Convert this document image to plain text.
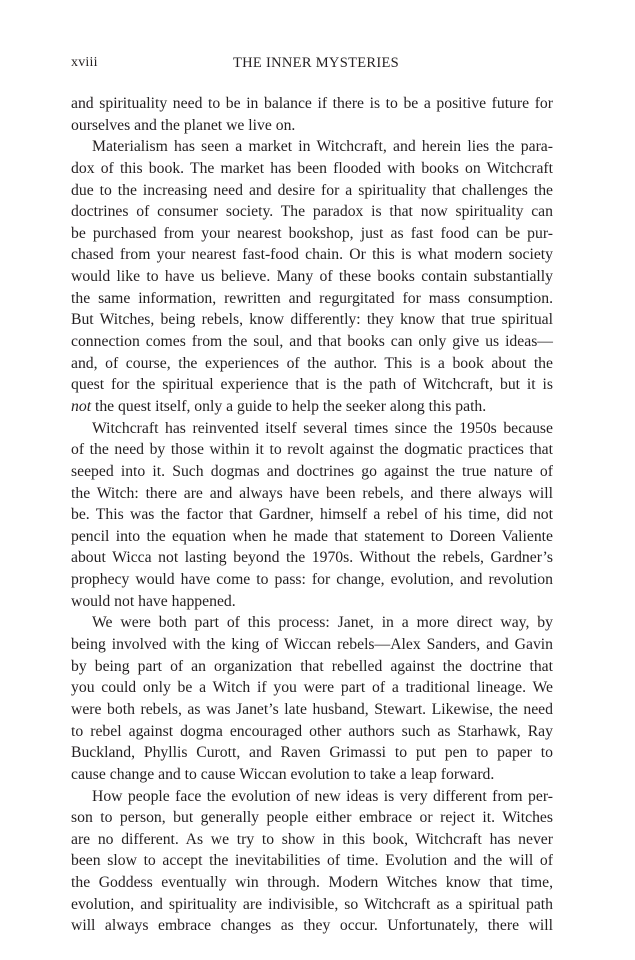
xviii	THE INNER MYSTERIES

and spirituality need to be in balance if there is to be a positive future for
ourselves and the planet we live on.

Materialism has seen a market in Witchcraft, and herein lies the para-
dox of this book. The market has been flooded with books on Witchcraft
due to the increasing need and desire for a spirituality that challenges the
doctrines of consumer society. The paradox is that now spirituality can
be purchased from your nearest bookshop, just as fast food can be pur-
chased from your nearest fast-food chain. Or this is what modern society
would like to have us believe. Many of these books contain substantially
the same information, rewritten and regurgitated for mass consumption.
But Witches, being rebels, know differently: they know that true spiritual
connection comes from the soul, and that books can only give us ideas—
and, of course, the experiences of the author. This is a book about the
quest for the spiritual experience that is the path of Witchcraft, but it is
not the quest itself, only a guide to help the seeker along this path.

Witchcraft has reinvented itself several times since the 1950s because
of the need by those within it to revolt against the dogmatic practices that
seeped into it. Such dogmas and doctrines go against the true nature of
the Witch: there are and always have been rebels, and there always will
be. This was the factor that Gardner, himself a rebel of his time, did not
pencil into the equation when he made that statement to Doreen Valiente
about Wicca not lasting beyond the 1970s. Without the rebels, Gardner’s
prophecy would have come to pass: for change, evolution, and revolution
would not have happened.

We were both part of this process: Janet, in a more direct way, by
being involved with the king of Wiccan rebels—Alex Sanders, and Gavin
by being part of an organization that rebelled against the doctrine that
you could only be a Witch if you were part of a traditional lineage. We
were both rebels, as was Janet’s late husband, Stewart. Likewise, the need
to rebel against dogma encouraged other authors such as Starhawk, Ray
Buckland, Phyllis Curott, and Raven Grimassi to put pen to paper to
cause change and to cause Wiccan evolution to take a leap forward.

How people face the evolution of new ideas is very different from per-
son to person, but generally people either embrace or reject it. Witches
are no different. As we try to show in this book, Witchcraft has never
been slow to accept the inevitabilities of time. Evolution and the will of
the Goddess eventually win through. Modern Witches know that time,
evolution, and spirituality are indivisible, so Witchcraft as a spiritual path
will always embrace changes as they occur. Unfortunately, there will
